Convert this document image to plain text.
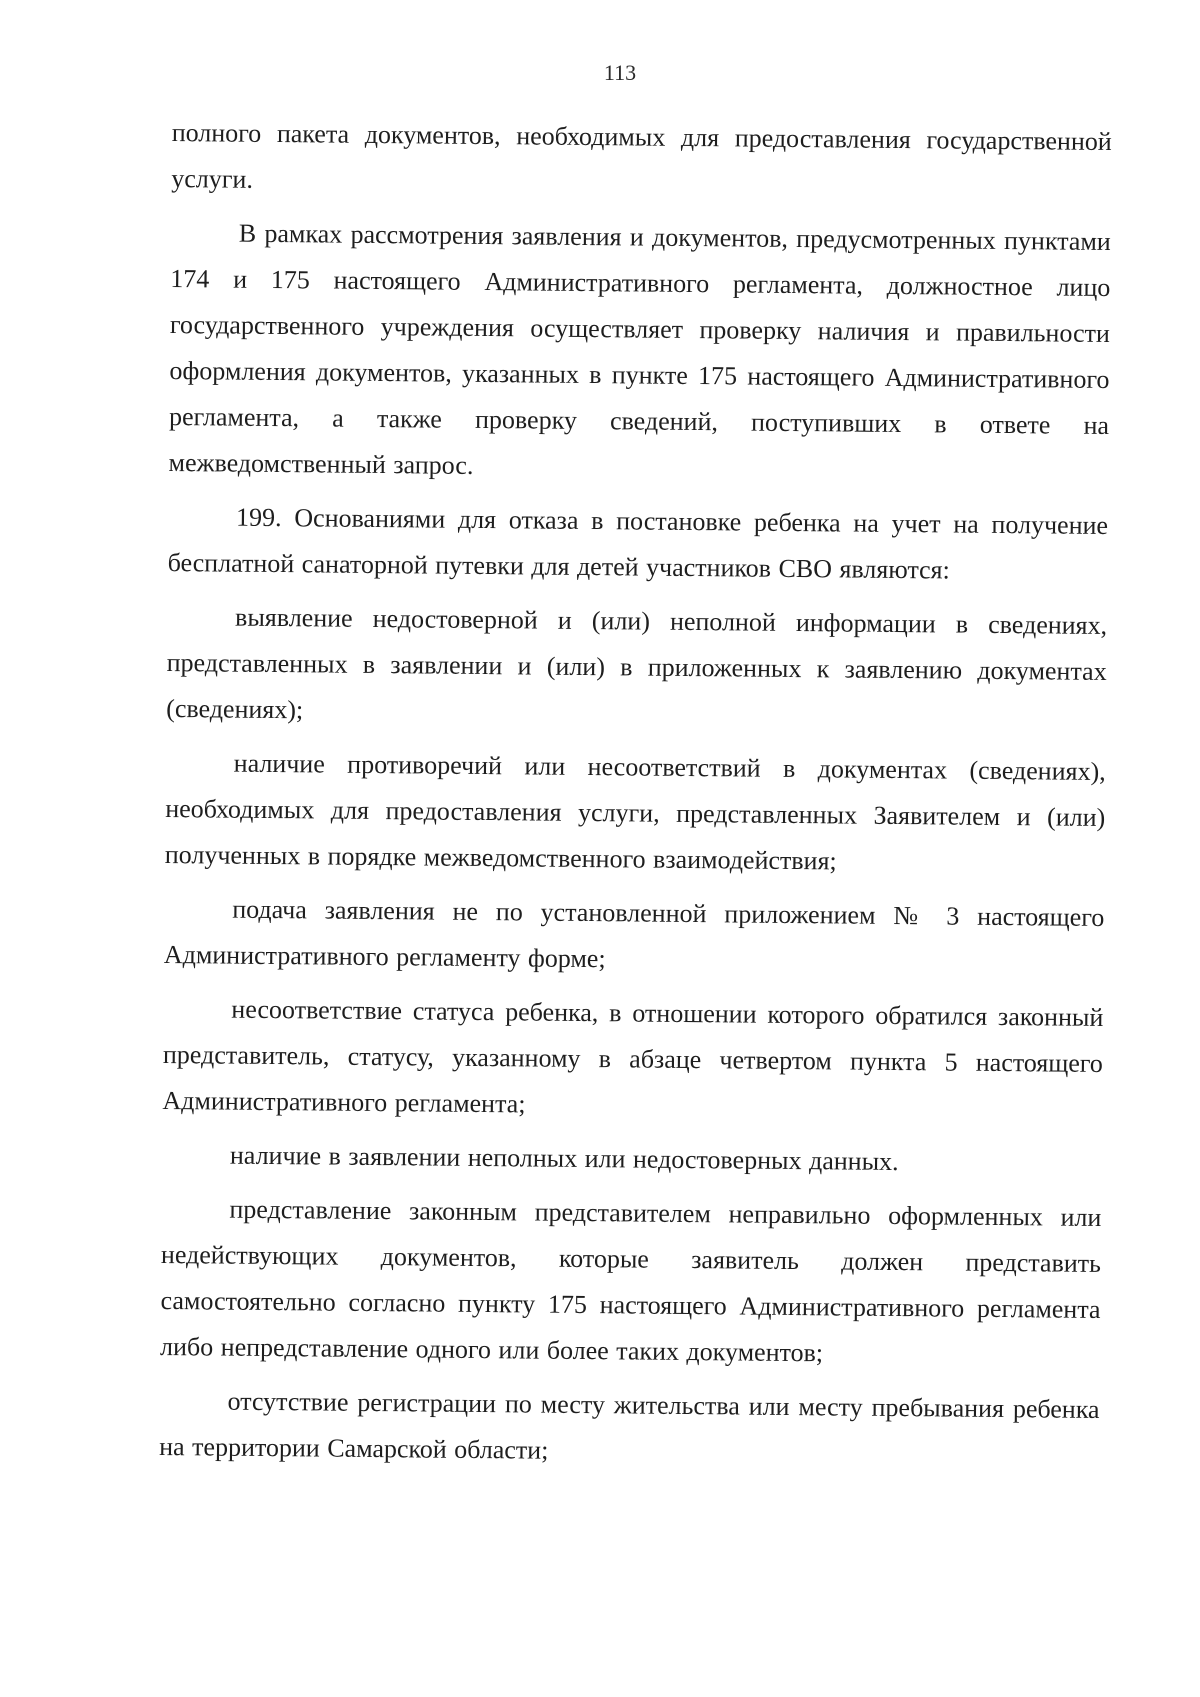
113

полного пакета документов, необходимых для предоставления государственной услуги.

В рамках рассмотрения заявления и документов, предусмотренных пунктами 174 и 175 настоящего Административного регламента, должностное лицо государственного учреждения осуществляет проверку наличия и правильности оформления документов, указанных в пункте 175 настоящего Административного регламента, а также проверку сведений, поступивших в ответе на межведомственный запрос.

199. Основаниями для отказа в постановке ребенка на учет на получение бесплатной санаторной путевки для детей участников СВО являются:

выявление недостоверной и (или) неполной информации в сведениях, представленных в заявлении и (или) в приложенных к заявлению документах (сведениях);

наличие противоречий или несоответствий в документах (сведениях), необходимых для предоставления услуги, представленных Заявителем и (или) полученных в порядке межведомственного взаимодействия;

подача заявления не по установленной приложением № 3 настоящего Административного регламенту форме;

несоответствие статуса ребенка, в отношении которого обратился законный представитель, статусу, указанному в абзаце четвертом пункта 5 настоящего Административного регламента;

наличие в заявлении неполных или недостоверных данных.

представление законным представителем неправильно оформленных или недействующих документов, которые заявитель должен представить самостоятельно согласно пункту 175 настоящего Административного регламента либо непредставление одного или более таких документов;

отсутствие регистрации по месту жительства или месту пребывания ребенка на территории Самарской области;
